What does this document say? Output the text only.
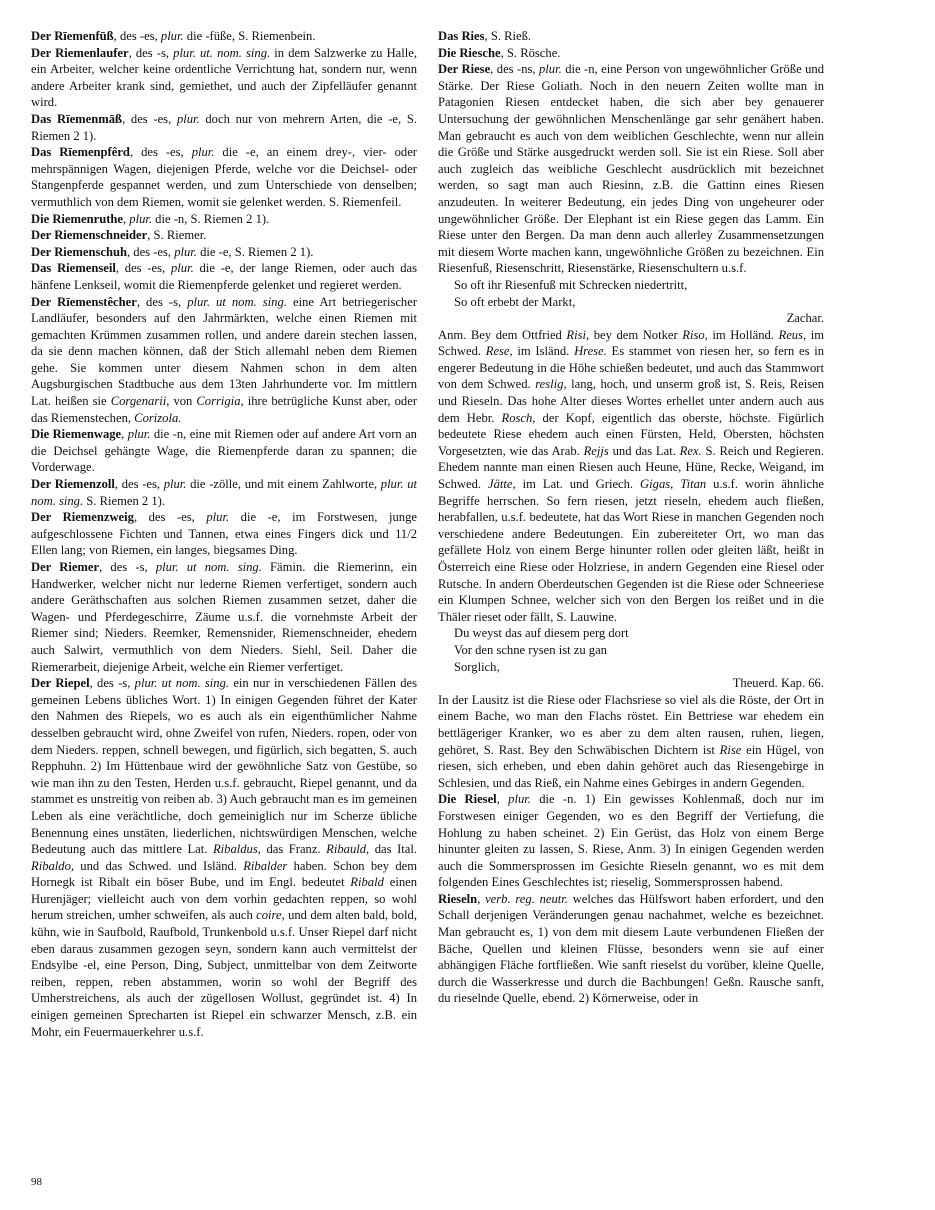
Der Rīemenfūß, des -es, plur. die -füße, S. Riemenbein.

Der Riemenlaufer, des -s, plur. ut. nom. sing. in dem Salzwerke zu Halle, ein Arbeiter, welcher keine ordentliche Verrichtung hat, sondern nur, wenn andere Arbeiter krank sind, gemiethet, und auch der Zipfelläufer genannt wird.

Das Rīemenmāß, des -es, plur. doch nur von mehrern Arten, die -e, S. Riemen 2 1).

Das Rīemenpfêrd, des -es, plur. die -e, an einem drey-, vier- oder mehrspännigen Wagen, diejenigen Pferde, welche vor die Deichsel- oder Stangenpferde gespannet werden, und zum Unterschiede von denselben; vermuthlich von dem Riemen, womit sie gelenket werden. S. Riemenfeil.

Die Riemenruthe, plur. die -n, S. Riemen 2 1).

Der Riemenschneider, S. Riemer.

Der Riemenschuh, des -es, plur. die -e, S. Riemen 2 1).

Das Riemenseil, des -es, plur. die -e, der lange Riemen, oder auch das hänfene Lenkseil, womit die Riemenpferde gelenket und regieret werden.

Der Rīemenstêcher, des -s, plur. ut nom. sing. eine Art betriegerischer Landläufer, besonders auf den Jahrmärkten, welche einen Riemen mit gemachten Krümmen zusammen rollen, und andere darein stechen lassen, da sie denn machen können, daß der Stich allemahl neben dem Riemen gehe. Sie kommen unter diesem Nahmen schon in dem alten Augsburgischen Stadtbuche aus dem 13ten Jahrhunderte vor. Im mittlern Lat. heißen sie Corgenarii, von Corrigia, ihre betrügliche Kunst aber, oder das Riemenstechen, Corizola.

Die Riemenwage, plur. die -n, eine mit Riemen oder auf andere Art vorn an die Deichsel gehängte Wage, die Riemenpferde daran zu spannen; die Vorderwage.

Der Riemenzoll, des -es, plur. die -zölle, und mit einem Zahlworte, plur. ut nom. sing. S. Riemen 2 1).

Der Riemenzweig, des -es, plur. die -e, im Forstwesen, junge aufgeschlossene Fichten und Tannen, etwa eines Fingers dick und 11/2 Ellen lang; von Riemen, ein langes, biegsames Ding.

Der Riemer, des -s, plur. ut nom. sing. Fämin. die Riemerinn, ein Handwerker, welcher nicht nur lederne Riemen verfertiget, sondern auch andere Geräthschaften aus solchen Riemen zusammen setzet, daher die Wagen- und Pferdegeschirre, Zäume u.s.f. die vornehmste Arbeit der Riemer sind; Nieders. Reemker, Remensnider, Riemenschneider, ehedem auch Salwirt, vermuthlich von dem Nieders. Siehl, Seil. Daher die Riemerarbeit, diejenige Arbeit, welche ein Riemer verfertiget.

Der Riepel, des -s, plur. ut nom. sing. ein nur in verschiedenen Fällen des gemeinen Lebens übliches Wort. 1) In einigen Gegenden führet der Kater den Nahmen des Riepels, wo es auch als ein eigenthümlicher Nahme desselben gebraucht wird, ohne Zweifel von rufen, Nieders. ropen, oder von dem Nieders. reppen, schnell bewegen, und figürlich, sich begatten, S. auch Repphuhn. 2) Im Hüttenbaue wird der gewöhnliche Satz von Gestübe, so wie man ihn zu den Testen, Herden u.s.f. gebraucht, Riepel genannt, und da stammet es unstreitig von reiben ab. 3) Auch gebraucht man es im gemeinen Leben als eine verächtliche, doch gemeiniglich nur im Scherze übliche Benennung eines unstäten, liederlichen, nichtswürdigen Menschen, welche Bedeutung auch das mittlere Lat. Ribaldus, das Franz. Ribauld, das Ital. Ribaldo, und das Schwed. und Isländ. Ribalder haben. Schon bey dem Hornegk ist Ribalt ein böser Bube, und im Engl. bedeutet Ribald einen Hurenjäger; vielleicht auch von dem vorhin gedachten reppen, so wohl herum streichen, umher schweifen, als auch coire, und dem alten bald, bold, kühn, wie in Saufbold, Raufbold, Trunkenbold u.s.f. Unser Riepel darf nicht eben daraus zusammen gezogen seyn, sondern kann auch vermittelst der Endsylbe -el, eine Person, Ding, Subject, unmittelbar von dem Zeitworte reiben, reppen, reben abstammen, worin so wohl der Begriff des Umherstreichens, als auch der zügellosen Wollust, gegründet ist. 4) In einigen gemeinen Sprecharten ist Riepel ein schwarzer Mensch, z.B. ein Mohr, ein Feuermauerkehrer u.s.f.

Das Ries, S. Rieß.

Die Riesche, S. Rösche.

Der Riese, des -ns, plur. die -n, eine Person von ungewöhnlicher Größe und Stärke. Der Riese Goliath. Noch in den neuern Zeiten wollte man in Patagonien Riesen entdecket haben, die sich aber bey genauerer Untersuchung der gewöhnlichen Menschenlänge gar sehr genähert haben. Man gebraucht es auch von dem weiblichen Geschlechte, wenn nur allein die Größe und Stärke ausgedruckt werden soll. Sie ist ein Riese. Soll aber auch zugleich das weibliche Geschlecht ausdrücklich mit bezeichnet werden, so sagt man auch Riesinn, z.B. die Gattinn eines Riesen anzudeuten. In weiterer Bedeutung, ein jedes Ding von ungeheurer oder ungewöhnlicher Größe. Der Elephant ist ein Riese gegen das Lamm. Ein Riese unter den Bergen. Da man denn auch allerley Zusammensetzungen mit diesem Worte machen kann, ungewöhnliche Größen zu bezeichnen. Ein Riesenfuß, Riesenschritt, Riesenstärke, Riesenschultern u.s.f.

So oft ihr Riesenfuß mit Schrecken niedertritt,

So oft erbebt der Markt,

Zachar.

Anm. Bey dem Ottfried Risi, bey dem Notker Riso, im Holländ. Reus, im Schwed. Rese, im Isländ. Hrese. Es stammet von riesen her, so fern es in engerer Bedeutung in die Höhe schießen bedeutet, und auch das Stammwort von dem Schwed. reslig, lang, hoch, und unserm groß ist, S. Reis, Reisen und Rieseln. Das hohe Alter dieses Wortes erhellet unter andern auch aus dem Hebr. Rosch, der Kopf, eigentlich das oberste, höchste. Figürlich bedeutete Riese ehedem auch einen Fürsten, Held, Obersten, höchsten Vorgesetzten, wie das Arab. Rejjs und das Lat. Rex. S. Reich und Regieren. Ehedem nannte man einen Riesen auch Heune, Hüne, Recke, Weigand, im Schwed. Jätte, im Lat. und Griech. Gigas, Titan u.s.f. worin ähnliche Begriffe herrschen. So fern riesen, jetzt rieseln, ehedem auch fließen, herabfallen, u.s.f. bedeutete, hat das Wort Riese in manchen Gegenden noch verschiedene andere Bedeutungen. Ein zubereiteter Ort, wo man das gefällete Holz von einem Berge hinunter rollen oder gleiten läßt, heißt in Österreich eine Riese oder Holzriese, in andern Gegenden eine Riesel oder Rutsche. In andern Oberdeutschen Gegenden ist die Riese oder Schneeriese ein Klumpen Schnee, welcher sich von den Bergen los reißet und in die Thäler rieset oder fällt, S. Lauwine.

Du weyst das auf diesem perg dort

Vor den schne rysen ist zu gan

Sorglich,

Theuerd. Kap. 66.

In der Lausitz ist die Riese oder Flachsriese so viel als die Röste, der Ort in einem Bache, wo man den Flachs röstet. Ein Bettriese war ehedem ein bettlägeriger Kranker, wo es aber zu dem alten rausen, ruhen, liegen, gehöret, S. Rast. Bey den Schwäbischen Dichtern ist Rise ein Hügel, von riesen, sich erheben, und eben dahin gehöret auch das Riesengebirge in Schlesien, und das Rieß, ein Nahme eines Gebirges in andern Gegenden.

Die Riesel, plur. die -n. 1) Ein gewisses Kohlenmaß, doch nur im Forstwesen einiger Gegenden, wo es den Begriff der Vertiefung, die Hohlung zu haben scheinet. 2) Ein Gerüst, das Holz von einem Berge hinunter gleiten zu lassen, S. Riese, Anm. 3) In einigen Gegenden werden auch die Sommersprossen im Gesichte Rieseln genannt, wo es mit dem folgenden Eines Geschlechtes ist; rieselig, Sommersprossen habend.

Rieseln, verb. reg. neutr. welches das Hülfswort haben erfordert, und den Schall derjenigen Veränderungen genau nachahmet, welche es bezeichnet. Man gebraucht es, 1) von dem mit diesem Laute verbundenen Fließen der Bäche, Quellen und kleinen Flüsse, besonders wenn sie auf einer abhängigen Fläche fortfließen. Wie sanft rieselst du vorüber, kleine Quelle, durch die Wasserkresse und durch die Bachbungen! Geßn. Rausche sanft, du rieselnde Quelle, ebend. 2) Körnerweise, oder in

98
